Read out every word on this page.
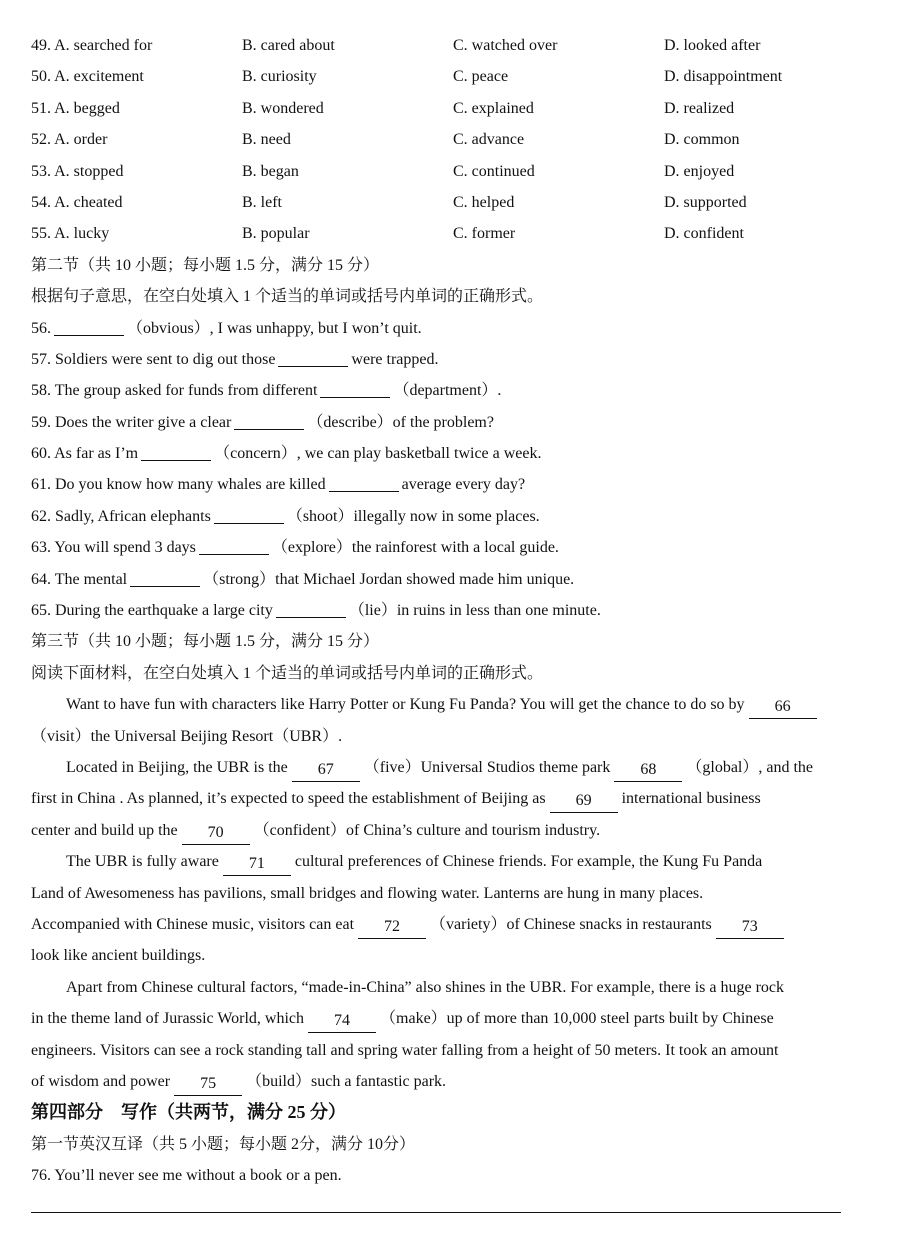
49. A. searched for	B. cared about	C. watched over	D. looked after
50. A. excitement	B. curiosity	C. peace	D. disappointment
51. A. begged	B. wondered	C. explained	D. realized
52. A. order	B. need	C. advance	D. common
53. A. stopped	B. began	C. continued	D. enjoyed
54. A. cheated	B. left	C. helped	D. supported
55. A. lucky	B. popular	C. former	D. confident
第二节（共 10 小题；每小题 1.5 分，满分 15 分）
根据句子意思，在空白处填入 1 个适当的单词或括号内单词的正确形式。
56.	（obvious）, I was unhappy, but I won’t quit.
57. Soldiers were sent to dig out those	were trapped.
58. The group asked for funds from different	（department）.
59. Does the writer give a clear	（describe）of the problem?
60. As far as I’m	（concern）, we can play basketball twice a week.
61. Do you know how many whales are killed	average every day?
62. Sadly, African elephants	（shoot）illegally now in some places.
63. You will spend 3 days	（explore）the rainforest with a local guide.
64. The mental	（strong）that Michael Jordan showed made him unique.
65. During the earthquake a large city	（lie）in ruins in less than one minute.
第三节（共 10 小题；每小题 1.5 分，满分 15 分）
阅读下面材料，在空白处填入 1 个适当的单词或括号内单词的正确形式。
Want to have fun with characters like Harry Potter or Kung Fu Panda? You will get the chance to do so by 66
（visit）the Universal Beijing Resort（UBR）.
Located in Beijing, the UBR is the 67 （five）Universal Studios theme park 68 （global）, and the
first in China . As planned, it’s expected to speed the establishment of Beijing as 69 international business
center and build up the 70 （confident）of China’s culture and tourism industry.
The UBR is fully aware 71 cultural preferences of Chinese friends. For example, the Kung Fu Panda
Land of Awesomeness has pavilions, small bridges and flowing water. Lanterns are hung in many places.
Accompanied with Chinese music, visitors can eat 72 （variety）of Chinese snacks in restaurants 73
look like ancient buildings.
Apart from Chinese cultural factors, “made-in-China” also shines in the UBR. For example, there is a huge rock
in the theme land of Jurassic World, which 74 （make）up of more than 10,000 steel parts built by Chinese
engineers. Visitors can see a rock standing tall and spring water falling from a height of 50 meters. It took an amount
of wisdom and power 75 （build）such a fantastic park.
第四部分　写作（共两节，满分 25 分）
第一节英汉互译（共 5 小题；每小题 2分，满分 10分）
76. You’ll never see me without a book or a pen.
